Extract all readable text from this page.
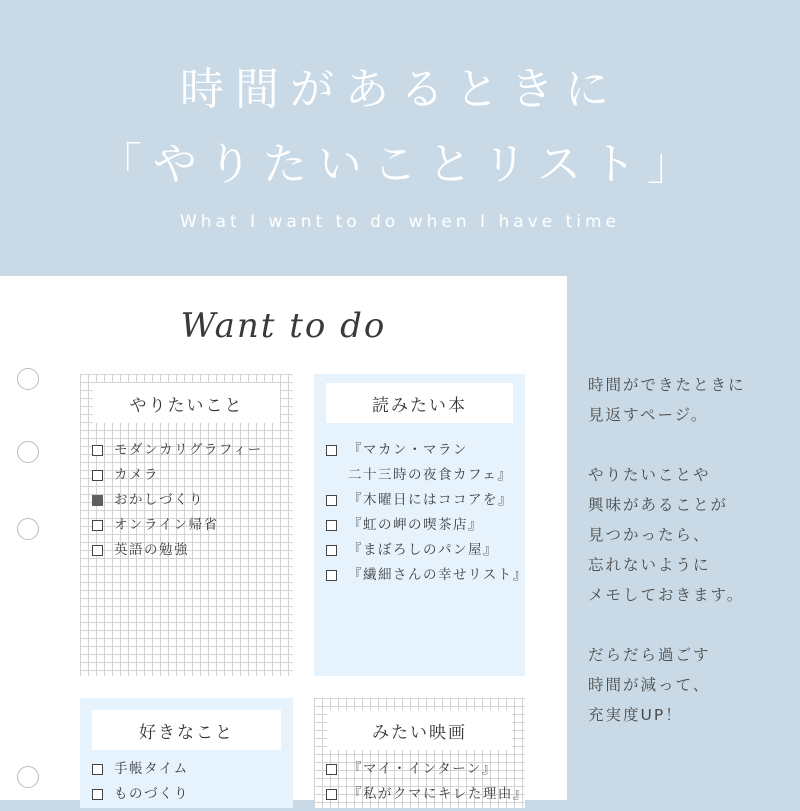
時間があるときに
「やりたいことリスト」
What I want to do when I have time
Want to do
やりたいこと
モダンカリグラフィー
カメラ
おかしづくり
オンライン帰省
英語の勉強
読みたい本
『マカン・マラン
二十三時の夜食カフェ』
『木曜日にはココアを』
『虹の岬の喫茶店』
『まぼろしのパン屋』
『繊細さんの幸せリスト』
好きなこと
手帳タイム
ものづくり
みたい映画
『マイ・インターン』
『私がクマにキレた理由』
時間ができたときに
見返すページ。
やりたいことや
興味があることが
見つかったら、
忘れないように
メモしておきます。
だらだら過ごす
時間が減って、
充実度UP！
